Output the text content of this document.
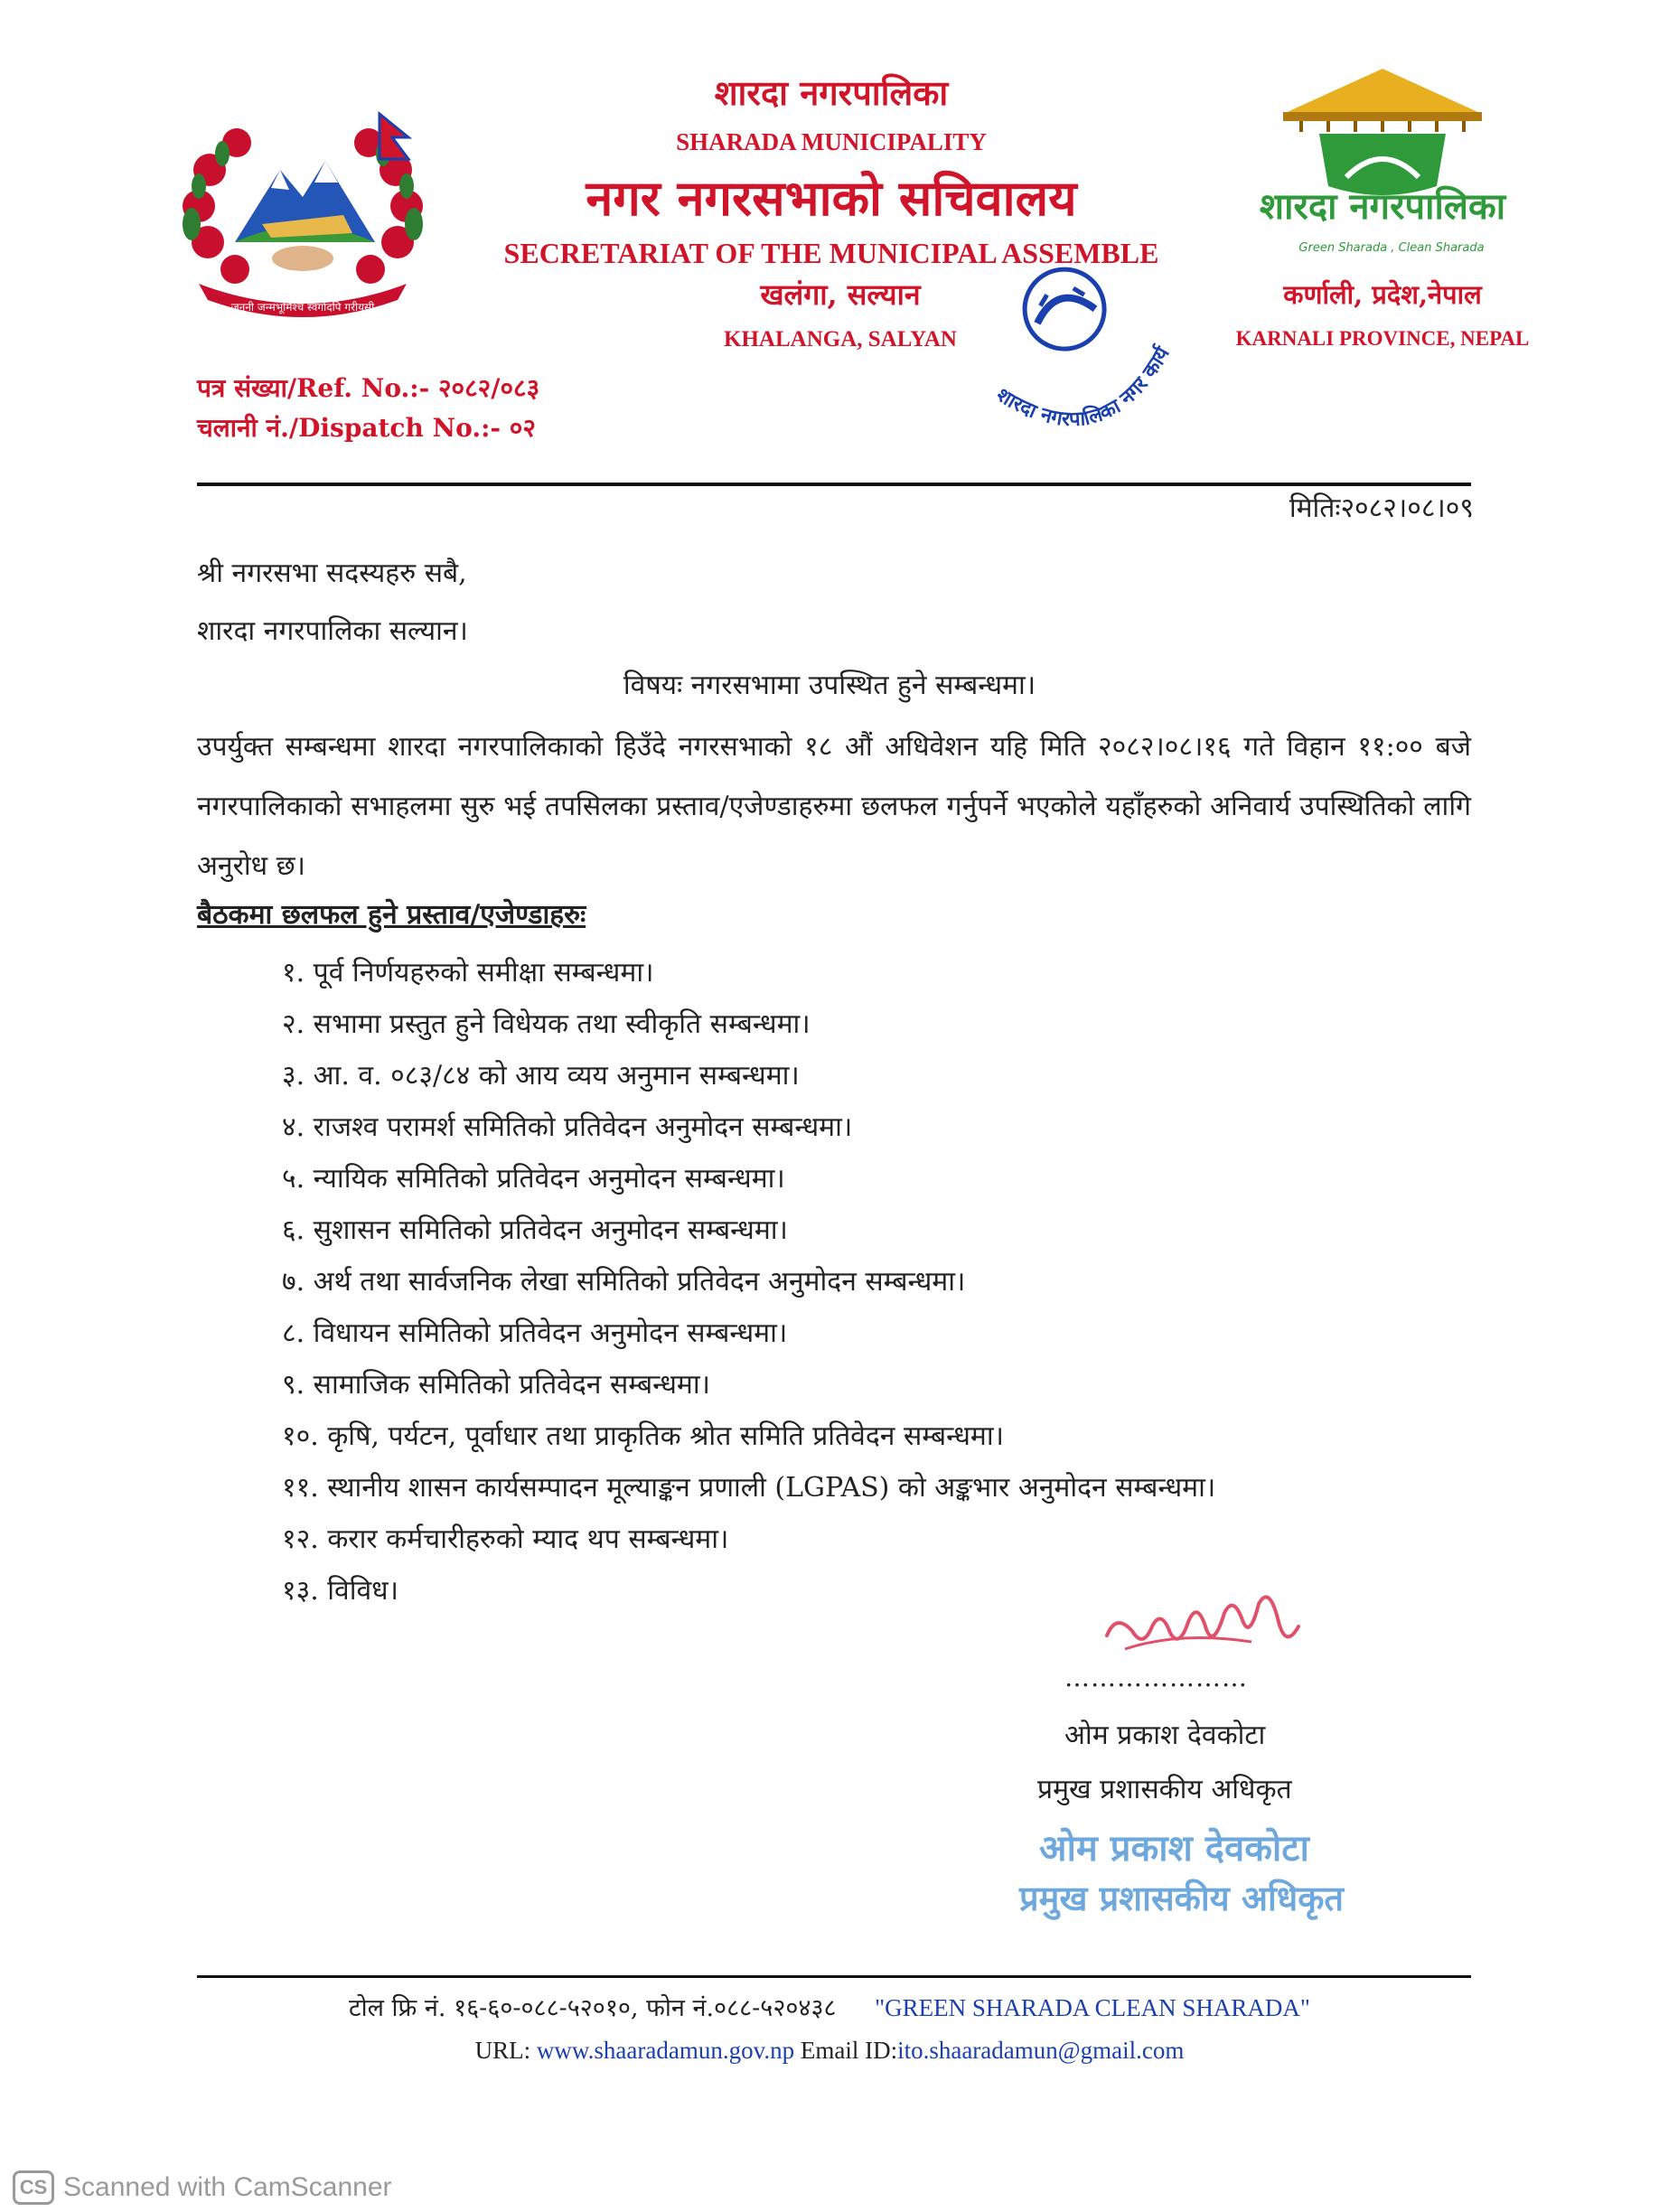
जननी जन्मभूमिश्च स्वर्गादपि गरीयसी
शारदा नगरपालिका
Green Sharada , Clean Sharada
शारदा नगरपालिका
SHARADA MUNICIPALITY
नगर नगरसभाको सचिवालय
SECRETARIAT OF THE MUNICIPAL ASSEMBLE
खलंगा, सल्यान
KHALANGA, SALYAN
कर्णाली, प्रदेश,नेपाल
KARNALI PROVINCE, NEPAL
शारदा नगरपालिका नगर कार्यपालिकाको
पत्र संख्या/Ref. No.:- २०८२/०८३
चलानी नं./Dispatch No.:- ०२
मितिः२०८२।०८।०९
श्री नगरसभा सदस्यहरु सबै,
शारदा नगरपालिका सल्यान।
विषयः नगरसभामा उपस्थित हुने सम्बन्धमा।
उपर्युक्त सम्बन्धमा शारदा नगरपालिकाको हिउँदे नगरसभाको १८ औं अधिवेशन यहि मिति २०८२।०८।१६ गते विहान ११:०० बजे नगरपालिकाको सभाहलमा सुरु भई तपसिलका प्रस्ताव/एजेण्डाहरुमा छलफल गर्नुपर्ने भएकोले यहाँहरुको अनिवार्य उपस्थितिको लागि अनुरोध छ।
बैठकमा छलफल हुने प्रस्ताव/एजेण्डाहरुः
१. पूर्व निर्णयहरुको समीक्षा सम्बन्धमा।
२. सभामा प्रस्तुत हुने विधेयक तथा स्वीकृति सम्बन्धमा।
३. आ. व. ०८३/८४ को आय व्यय अनुमान सम्बन्धमा।
४. राजश्व परामर्श समितिको प्रतिवेदन अनुमोदन सम्बन्धमा।
५. न्यायिक समितिको प्रतिवेदन अनुमोदन सम्बन्धमा।
६. सुशासन समितिको प्रतिवेदन अनुमोदन सम्बन्धमा।
७. अर्थ तथा सार्वजनिक लेखा समितिको प्रतिवेदन अनुमोदन सम्बन्धमा।
८. विधायन समितिको प्रतिवेदन अनुमोदन सम्बन्धमा।
९. सामाजिक समितिको प्रतिवेदन सम्बन्धमा।
१०. कृषि, पर्यटन, पूर्वाधार तथा प्राकृतिक श्रोत समिति प्रतिवेदन सम्बन्धमा।
११. स्थानीय शासन कार्यसम्पादन मूल्याङ्कन प्रणाली (LGPAS) को अङ्कभार अनुमोदन सम्बन्धमा।
१२. करार कर्मचारीहरुको म्याद थप सम्बन्धमा।
१३. विविध।
…………………
ओम प्रकाश देवकोटा
प्रमुख प्रशासकीय अधिकृत
ओम प्रकाश देवकोटा
प्रमुख प्रशासकीय अधिकृत
टोल फ्रि नं. १६-६०-०८८-५२०१०, फोन नं.०८८-५२०४३८ "GREEN SHARADA CLEAN SHARADA"
URL: www.shaaradamun.gov.np Email ID:ito.shaaradamun@gmail.com
CS Scanned with CamScanner
